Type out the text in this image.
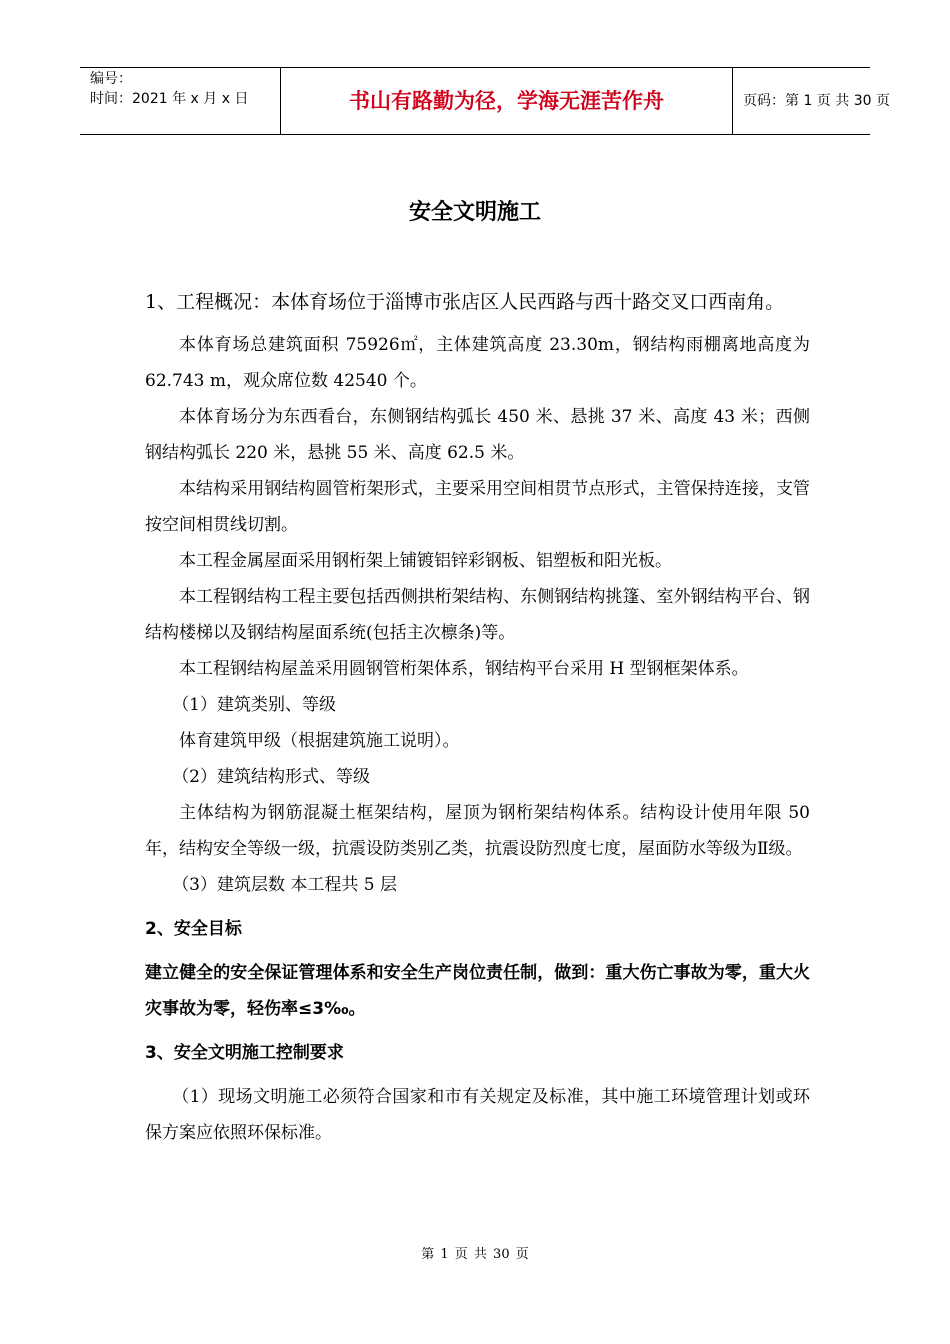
编号：
时间：2021 年 x 月 x 日	书山有路勤为径，学海无涯苦作舟	页码：第 1 页 共 30 页
安全文明施工

1、工程概况：本体育场位于淄博市张店区人民西路与西十路交叉口西南角。

本体育场总建筑面积 75926㎡，主体建筑高度 23.30m，钢结构雨棚离地高度为 62.743 m，观众席位数 42540 个。

本体育场分为东西看台，东侧钢结构弧长 450 米、悬挑 37 米、高度 43 米；西侧钢结构弧长 220 米，悬挑 55 米、高度 62.5 米。

本结构采用钢结构圆管桁架形式，主要采用空间相贯节点形式，主管保持连接，支管按空间相贯线切割。

本工程金属屋面采用钢桁架上铺镀铝锌彩钢板、铝塑板和阳光板。

本工程钢结构工程主要包括西侧拱桁架结构、东侧钢结构挑篷、室外钢结构平台、钢结构楼梯以及钢结构屋面系统(包括主次檩条)等。

本工程钢结构屋盖采用圆钢管桁架体系，钢结构平台采用 H 型钢框架体系。

（1）建筑类别、等级

体育建筑甲级（根据建筑施工说明）。

（2）建筑结构形式、等级

主体结构为钢筋混凝土框架结构，屋顶为钢桁架结构体系。结构设计使用年限 50 年，结构安全等级一级，抗震设防类别乙类，抗震设防烈度七度，屋面防水等级为Ⅱ级。

（3）建筑层数 本工程共 5 层

2、安全目标

建立健全的安全保证管理体系和安全生产岗位责任制，做到：重大伤亡事故为零，重大火灾事故为零，轻伤率≤3‰。

3、安全文明施工控制要求

（1）现场文明施工必须符合国家和市有关规定及标准，其中施工环境管理计划或环保方案应依照环保标准。

第 1 页 共 30 页
